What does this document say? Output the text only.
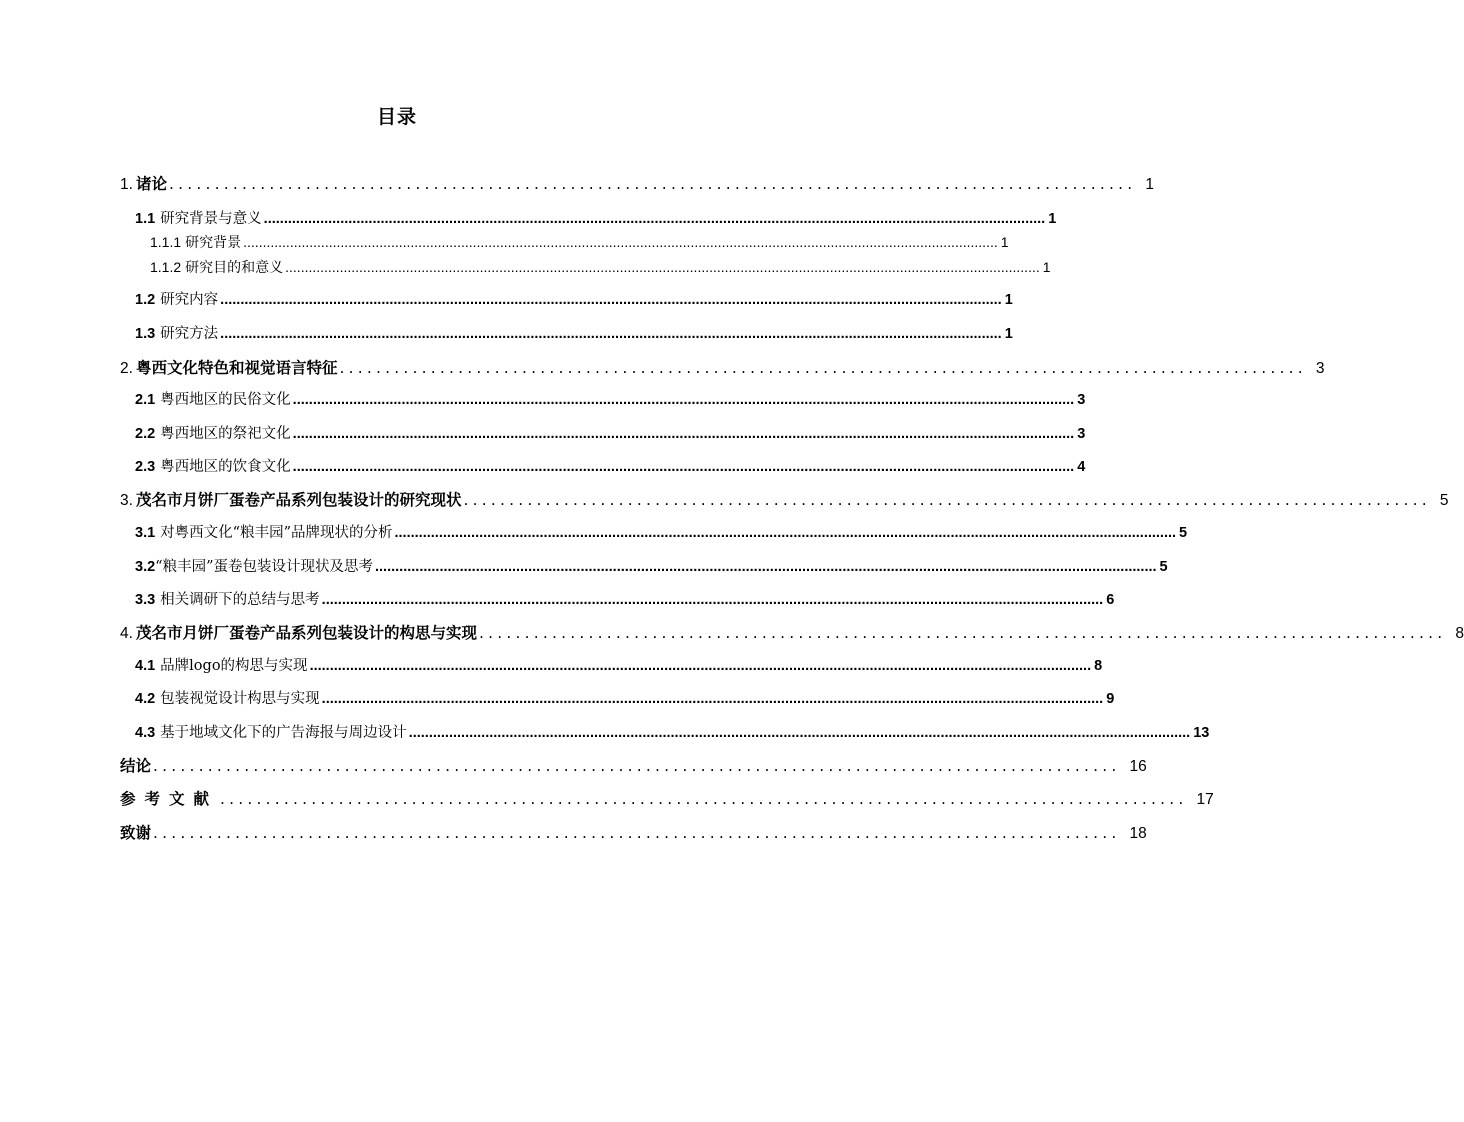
目录
1. 诸论 .......................................................................................................... 1
1.1 研究背景与意义 .................................................................................................................................................................................................. 1
1.1.1 研究背景 .................................................................................................................................................................................................. 1
1.1.2 研究目的和意义 .................................................................................................................................................................................................. 1
1.2 研究内容 .................................................................................................................................................................................................. 1
1.3 研究方法 .................................................................................................................................................................................................. 1
2. 粤西文化特色和视觉语言特征 .......................................................................................................... 3
2.1 粤西地区的民俗文化 .................................................................................................................................................................................................. 3
2.2 粤西地区的祭祀文化 .................................................................................................................................................................................................. 3
2.3 粤西地区的饮食文化 .................................................................................................................................................................................................. 4
3. 茂名市月饼厂蛋卷产品系列包装设计的研究现状 .......................................................................................................... 5
3.1 对粤西文化“粮丰园”品牌现状的分析 .................................................................................................................................................................................................. 5
3.2 “粮丰园”蛋卷包装设计现状及思考 .................................................................................................................................................................................................. 5
3.3 相关调研下的总结与思考 .................................................................................................................................................................................................. 6
4. 茂名市月饼厂蛋卷产品系列包装设计的构思与实现 .......................................................................................................... 8
4.1 品牌logo的构思与实现 .................................................................................................................................................................................................. 8
4.2 包装视觉设计构思与实现 .................................................................................................................................................................................................. 9
4.3 基于地域文化下的广告海报与周边设计 .................................................................................................................................................................................................. 13
结论 .......................................................................................................... 16
参考文献 .......................................................................................................... 17
致谢 .......................................................................................................... 18
